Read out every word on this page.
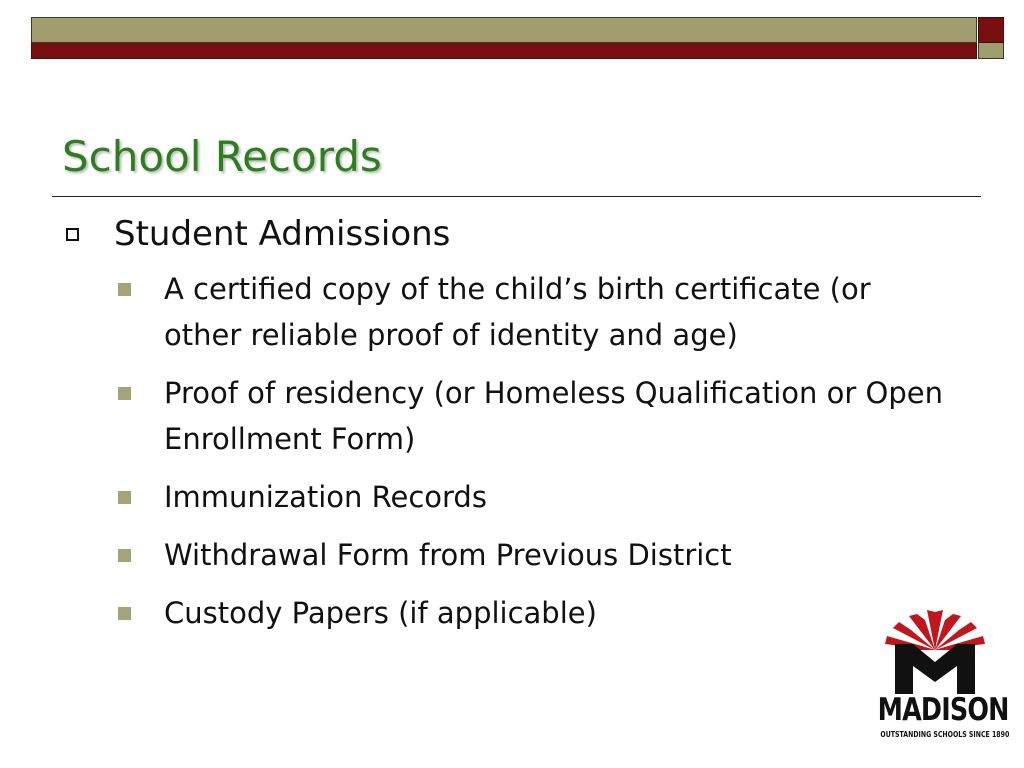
School Records
Student Admissions
A certified copy of the child’s birth certificate (or other reliable proof of identity and age)
Proof of residency (or Homeless Qualification or Open Enrollment Form)
Immunization Records
Withdrawal Form from Previous District
Custody Papers (if applicable)
MADISON
OUTSTANDING SCHOOLS SINCE 1890
